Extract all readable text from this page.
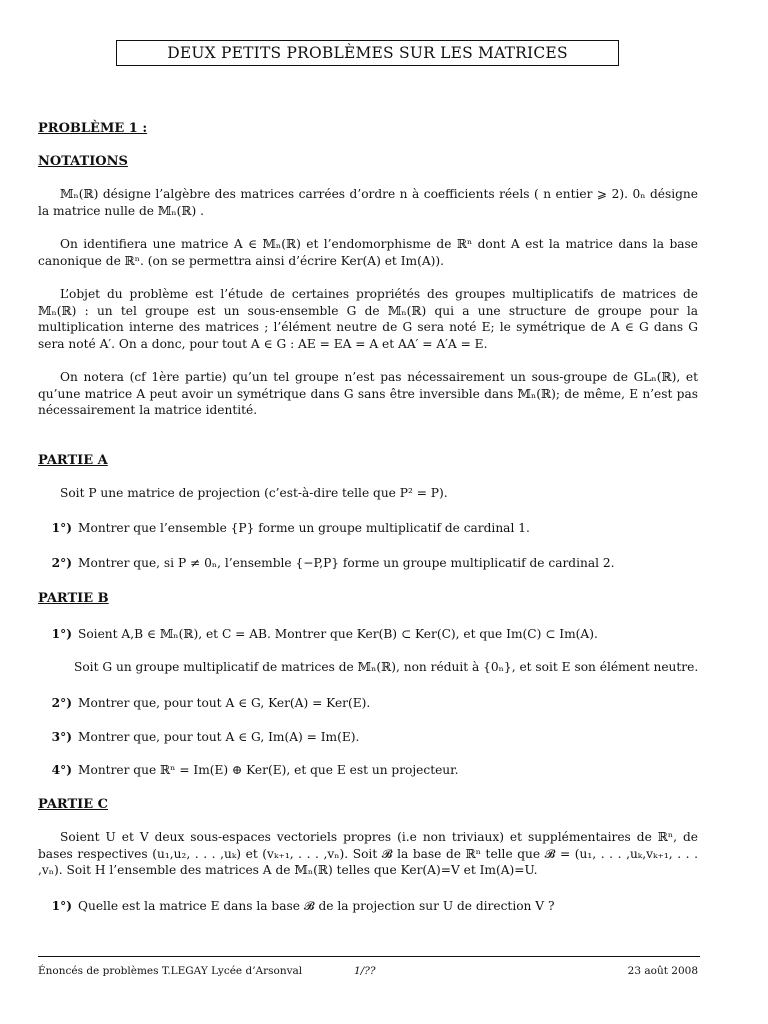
DEUX PETITS PROBLÈMES SUR LES MATRICES
PROBLÈME 1 :
NOTATIONS
𝕄ₙ(ℝ) désigne l’algèbre des matrices carrées d’ordre n à coefficients réels ( n entier ⩾ 2). 0ₙ désigne la matrice nulle de 𝕄ₙ(ℝ) .
On identifiera une matrice A ∈ 𝕄ₙ(ℝ) et l’endomorphisme de ℝⁿ dont A est la matrice dans la base canonique de ℝⁿ. (on se permettra ainsi d’écrire Ker(A) et Im(A)).
L’objet du problème est l’étude de certaines propriétés des groupes multiplicatifs de matrices de 𝕄ₙ(ℝ) : un tel groupe est un sous-ensemble G de 𝕄ₙ(ℝ) qui a une structure de groupe pour la multiplication interne des matrices ; l’élément neutre de G sera noté E; le symétrique de A ∈ G dans G sera noté A′. On a donc, pour tout A ∈ G : AE = EA = A et AA′ = A′A = E.
On notera (cf 1ère partie) qu’un tel groupe n’est pas nécessairement un sous-groupe de GLₙ(ℝ), et qu’une matrice A peut avoir un symétrique dans G sans être inversible dans 𝕄ₙ(ℝ); de même, E n’est pas nécessairement la matrice identité.
PARTIE A
Soit P une matrice de projection (c’est-à-dire telle que P² = P).
1°) Montrer que l’ensemble {P} forme un groupe multiplicatif de cardinal 1.
2°) Montrer que, si P ≠ 0ₙ, l’ensemble {−P,P} forme un groupe multiplicatif de cardinal 2.
PARTIE B
1°) Soient A,B ∈ 𝕄ₙ(ℝ), et C = AB. Montrer que Ker(B) ⊂ Ker(C), et que Im(C) ⊂ Im(A).
Soit G un groupe multiplicatif de matrices de 𝕄ₙ(ℝ), non réduit à {0ₙ}, et soit E son élément neutre.
2°) Montrer que, pour tout A ∈ G, Ker(A) = Ker(E).
3°) Montrer que, pour tout A ∈ G, Im(A) = Im(E).
4°) Montrer que ℝⁿ = Im(E) ⊕ Ker(E), et que E est un projecteur.
PARTIE C
Soient U et V deux sous-espaces vectoriels propres (i.e non triviaux) et supplémentaires de ℝⁿ, de bases respectives (u₁,u₂, . . . ,uₖ) et (vₖ₊₁, . . . ,vₙ). Soit 𝓑 la base de ℝⁿ telle que 𝓑 = (u₁, . . . ,uₖ,vₖ₊₁, . . . ,vₙ). Soit H l’ensemble des matrices A de 𝕄ₙ(ℝ) telles que Ker(A)=V et Im(A)=U.
1°) Quelle est la matrice E dans la base 𝓑 de la projection sur U de direction V ?
Énoncés de problèmes T.LEGAY Lycée d’Arsonval	1/??	23 août 2008
